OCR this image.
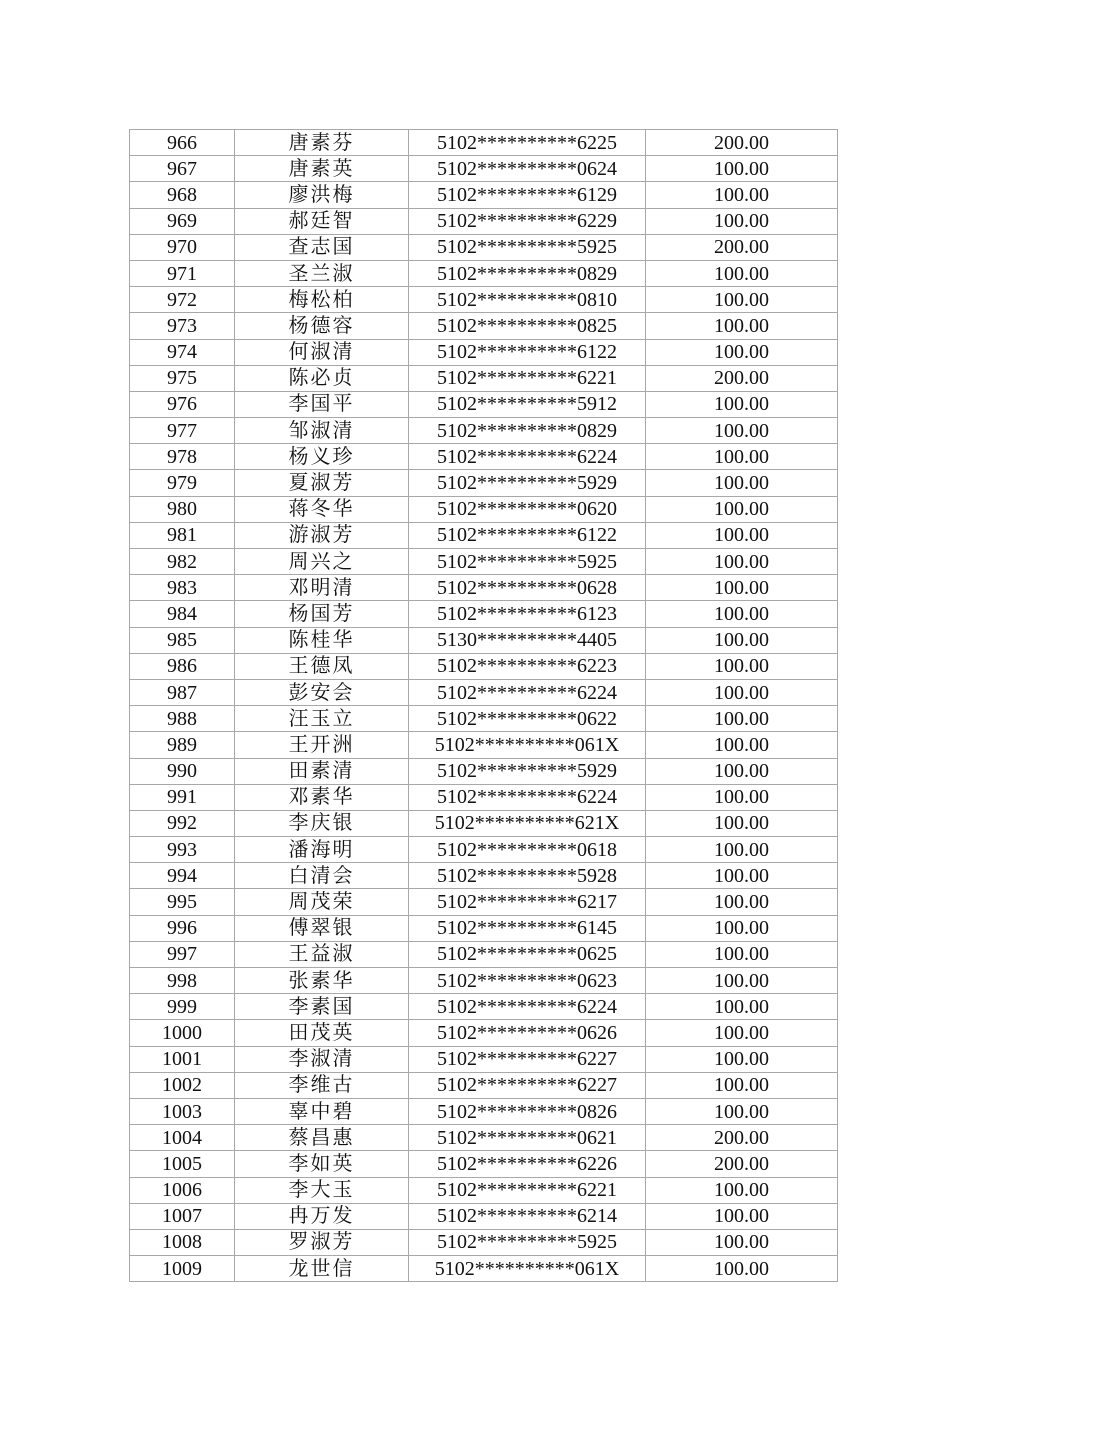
966	唐素芬	5102**********6225	200.00
967	唐素英	5102**********0624	100.00
968	廖洪梅	5102**********6129	100.00
969	郝廷智	5102**********6229	100.00
970	查志国	5102**********5925	200.00
971	圣兰淑	5102**********0829	100.00
972	梅松柏	5102**********0810	100.00
973	杨德容	5102**********0825	100.00
974	何淑清	5102**********6122	100.00
975	陈必贞	5102**********6221	200.00
976	李国平	5102**********5912	100.00
977	邹淑清	5102**********0829	100.00
978	杨义珍	5102**********6224	100.00
979	夏淑芳	5102**********5929	100.00
980	蒋冬华	5102**********0620	100.00
981	游淑芳	5102**********6122	100.00
982	周兴之	5102**********5925	100.00
983	邓明清	5102**********0628	100.00
984	杨国芳	5102**********6123	100.00
985	陈桂华	5130**********4405	100.00
986	王德凤	5102**********6223	100.00
987	彭安会	5102**********6224	100.00
988	汪玉立	5102**********0622	100.00
989	王开洲	5102**********061X	100.00
990	田素清	5102**********5929	100.00
991	邓素华	5102**********6224	100.00
992	李庆银	5102**********621X	100.00
993	潘海明	5102**********0618	100.00
994	白清会	5102**********5928	100.00
995	周茂荣	5102**********6217	100.00
996	傅翠银	5102**********6145	100.00
997	王益淑	5102**********0625	100.00
998	张素华	5102**********0623	100.00
999	李素国	5102**********6224	100.00
1000	田茂英	5102**********0626	100.00
1001	李淑清	5102**********6227	100.00
1002	李维古	5102**********6227	100.00
1003	辜中碧	5102**********0826	100.00
1004	蔡昌惠	5102**********0621	200.00
1005	李如英	5102**********6226	200.00
1006	李大玉	5102**********6221	100.00
1007	冉万发	5102**********6214	100.00
1008	罗淑芳	5102**********5925	100.00
1009	龙世信	5102**********061X	100.00
